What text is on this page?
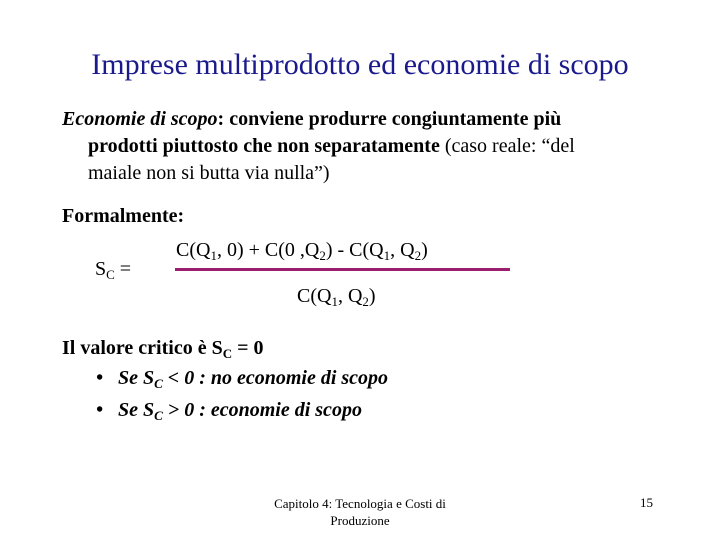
Imprese multiprodotto ed economie di scopo
Economie di scopo: conviene produrre congiuntamente più
prodotti piuttosto che non separatamente (caso reale: “del
maiale non si butta via nulla”)
Formalmente:
$S_C$ =
$C(Q_1$, 0) + C(0 $,Q_2) - C(Q_1$, $Q_2$)
$C(Q_1$, $Q_2$)
Il valore critico è $S_C = 0$
• Se $S_C < 0$ : no economie di scopo
• Se $S_C > 0$ : economie di scopo
Capitolo 4: Tecnologia e Costi di Produzione
15
